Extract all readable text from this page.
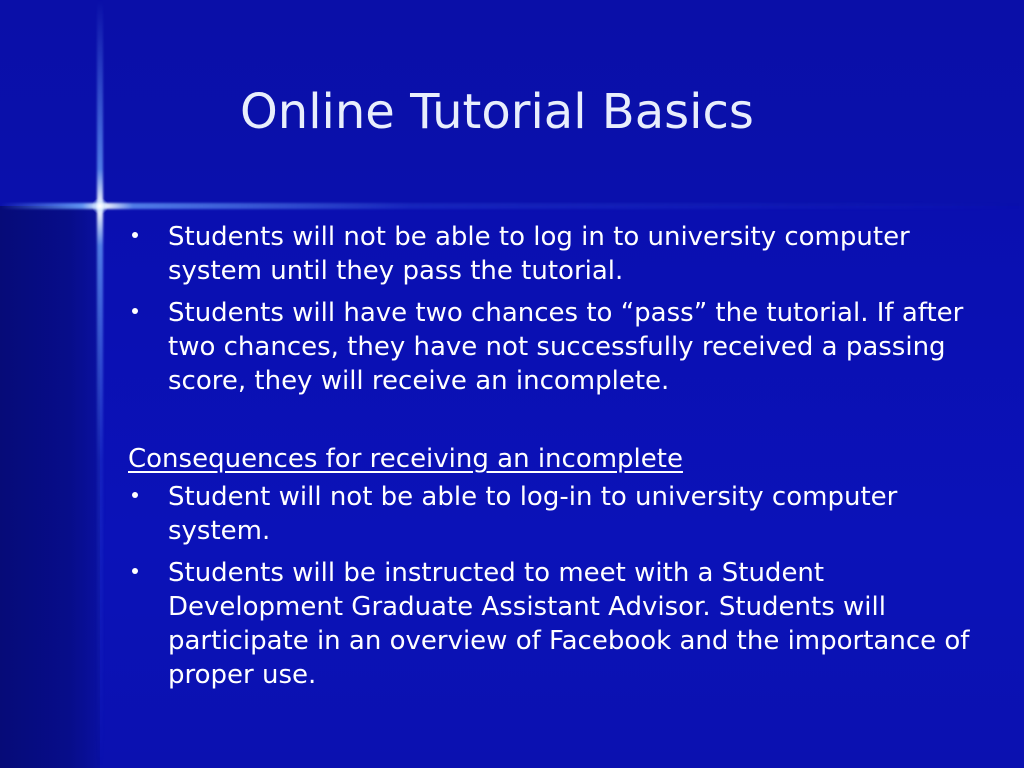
Online Tutorial Basics
Students will not be able to log in to university computer system until they pass the tutorial.
Students will have two chances to “pass” the tutorial. If after two chances, they have not successfully received a passing score, they will receive an incomplete.
Consequences for receiving an incomplete
Student will not be able to log-in to university computer system.
Students will be instructed to meet with a Student Development Graduate Assistant Advisor. Students will participate in an overview of Facebook and the importance of proper use.
